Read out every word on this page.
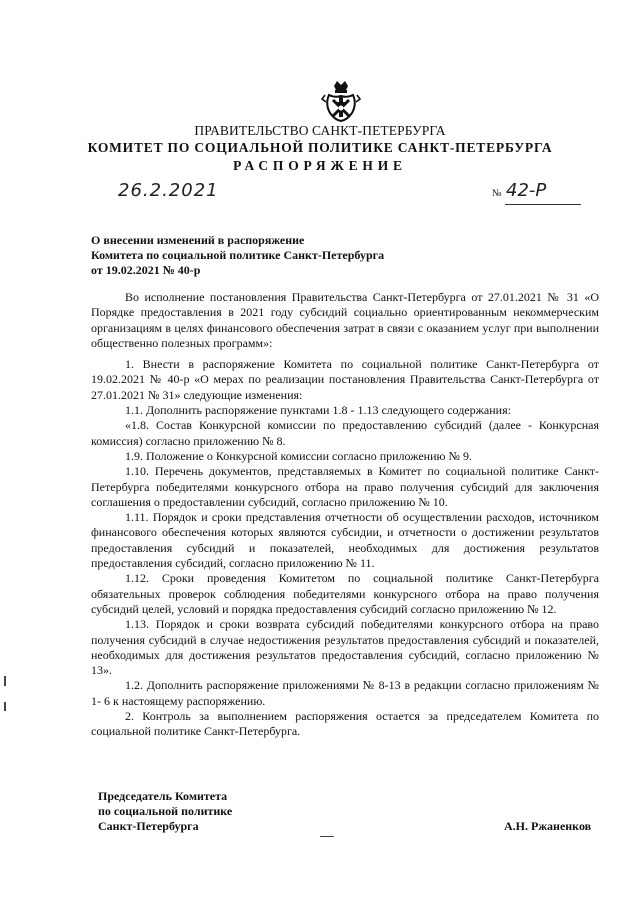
ПРАВИТЕЛЬСТВО САНКТ-ПЕТЕРБУРГА
КОМИТЕТ ПО СОЦИАЛЬНОЙ ПОЛИТИКЕ САНКТ-ПЕТЕРБУРГА
РАСПОРЯЖЕНИЕ
26.2.2021	№ 42-Р
О внесении изменений в распоряжение
Комитета по социальной политике Санкт-Петербурга
от 19.02.2021 № 40-р

Во исполнение постановления Правительства Санкт-Петербурга от 27.01.2021 № 31 «О Порядке предоставления в 2021 году субсидий социально ориентированным некоммерческим организациям в целях финансового обеспечения затрат в связи с оказанием услуг при выполнении общественно полезных программ»:

1. Внести в распоряжение Комитета по социальной политике Санкт-Петербурга от 19.02.2021 № 40-р «О мерах по реализации постановления Правительства Санкт-Петербурга от 27.01.2021 № 31» следующие изменения:

1.1. Дополнить распоряжение пунктами 1.8 - 1.13 следующего содержания:

«1.8. Состав Конкурсной комиссии по предоставлению субсидий (далее - Конкурсная комиссия) согласно приложению № 8.

1.9. Положение о Конкурсной комиссии согласно приложению № 9.

1.10. Перечень документов, представляемых в Комитет по социальной политике Санкт-Петербурга победителями конкурсного отбора на право получения субсидий для заключения соглашения о предоставлении субсидий, согласно приложению № 10.

1.11. Порядок и сроки представления отчетности об осуществлении расходов, источником финансового обеспечения которых являются субсидии, и отчетности о достижении результатов предоставления субсидий и показателей, необходимых для достижения результатов предоставления субсидий, согласно приложению № 11.

1.12. Сроки проведения Комитетом по социальной политике Санкт-Петербурга обязательных проверок соблюдения победителями конкурсного отбора на право получения субсидий целей, условий и порядка предоставления субсидий согласно приложению № 12.

1.13. Порядок и сроки возврата субсидий победителями конкурсного отбора на право получения субсидий в случае недостижения результатов предоставления субсидий и показателей, необходимых для достижения результатов предоставления субсидий, согласно приложению № 13».

1.2. Дополнить распоряжение приложениями № 8-13 в редакции согласно приложениям № 1- 6 к настоящему распоряжению.

2. Контроль за выполнением распоряжения остается за председателем Комитета по социальной политике Санкт-Петербурга.

Председатель Комитета
по социальной политике
Санкт-Петербурга	А.Н. Ржаненков
